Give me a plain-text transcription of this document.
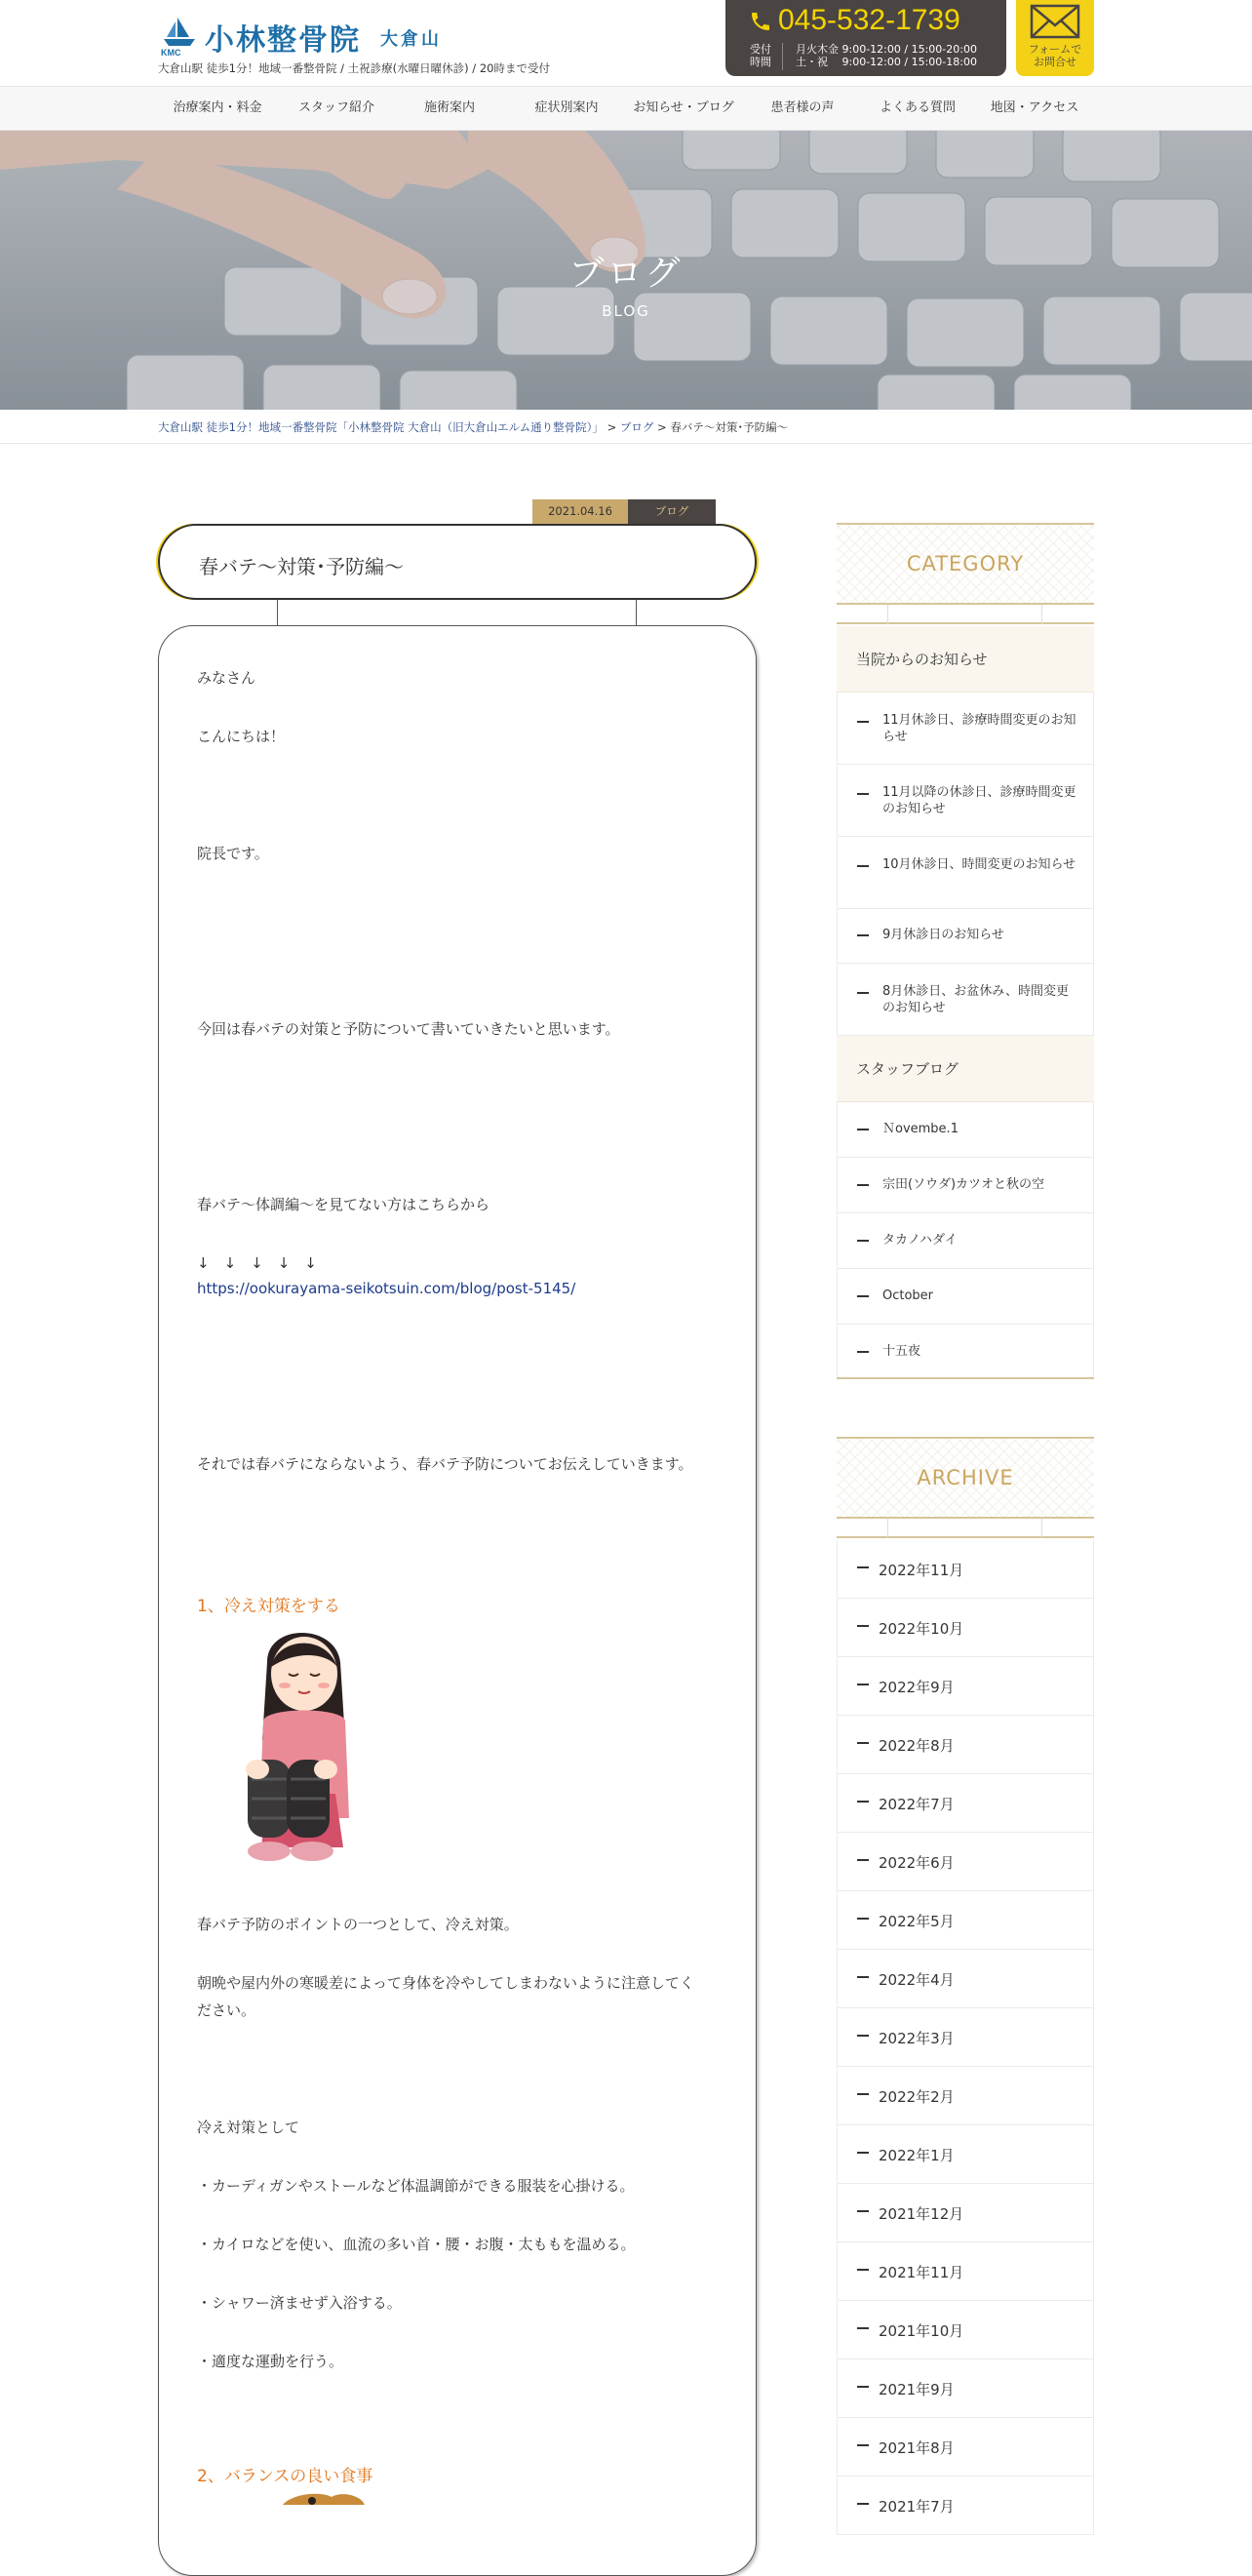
KMC 小林整骨院 大倉山
大倉山駅 徒歩1分！地域一番整骨院 / 土祝診療(水曜日曜休診) / 20時まで受付
045-532-1739
受付
時間
月火木金 9:00-12:00 / 15:00-20:00
土・祝　 9:00-12:00 / 15:00-18:00
フォームで
お問合せ
治療案内・料金	スタッフ紹介	施術案内	症状別案内	お知らせ・ブログ	患者様の声	よくある質問	地図・アクセス
ブログ
BLOG
大倉山駅 徒歩1分！地域一番整骨院「小林整骨院 大倉山（旧大倉山エルム通り整骨院）」 > ブログ > 春バテ～対策･予防編～
2021.04.16	ブログ
春バテ～対策･予防編～
みなさん
こんにちは！
院長です。
今回は春バテの対策と予防について書いていきたいと思います。
春バテ～体調編～を見てない方はこちらから
↓　↓　↓　↓　↓
https://ookurayama-seikotsuin.com/blog/post-5145/
それでは春バテにならないよう、春バテ予防についてお伝えしていきます。
1、冷え対策をする
春バテ予防のポイントの一つとして、冷え対策。
朝晩や屋内外の寒暖差によって身体を冷やしてしまわないように注意してください。
冷え対策として
・カーディガンやストールなど体温調節ができる服装を心掛ける。
・カイロなどを使い、血流の多い首・腰・お腹・太ももを温める。
・シャワー済ませず入浴する。
・適度な運動を行う。
2、バランスの良い食事
CATEGORY
当院からのお知らせ
11月休診日、診療時間変更のお知らせ
11月以降の休診日、診療時間変更のお知らせ
10月休診日、時間変更のお知らせ
9月休診日のお知らせ
8月休診日、お盆休み、時間変更のお知らせ
スタッフブログ
Ｎovembe.1
宗田(ソウダ)カツオと秋の空
タカノハダイ
October
十五夜
ARCHIVE
2022年11月
2022年10月
2022年9月
2022年8月
2022年7月
2022年6月
2022年5月
2022年4月
2022年3月
2022年2月
2022年1月
2021年12月
2021年11月
2021年10月
2021年9月
2021年8月
2021年7月
